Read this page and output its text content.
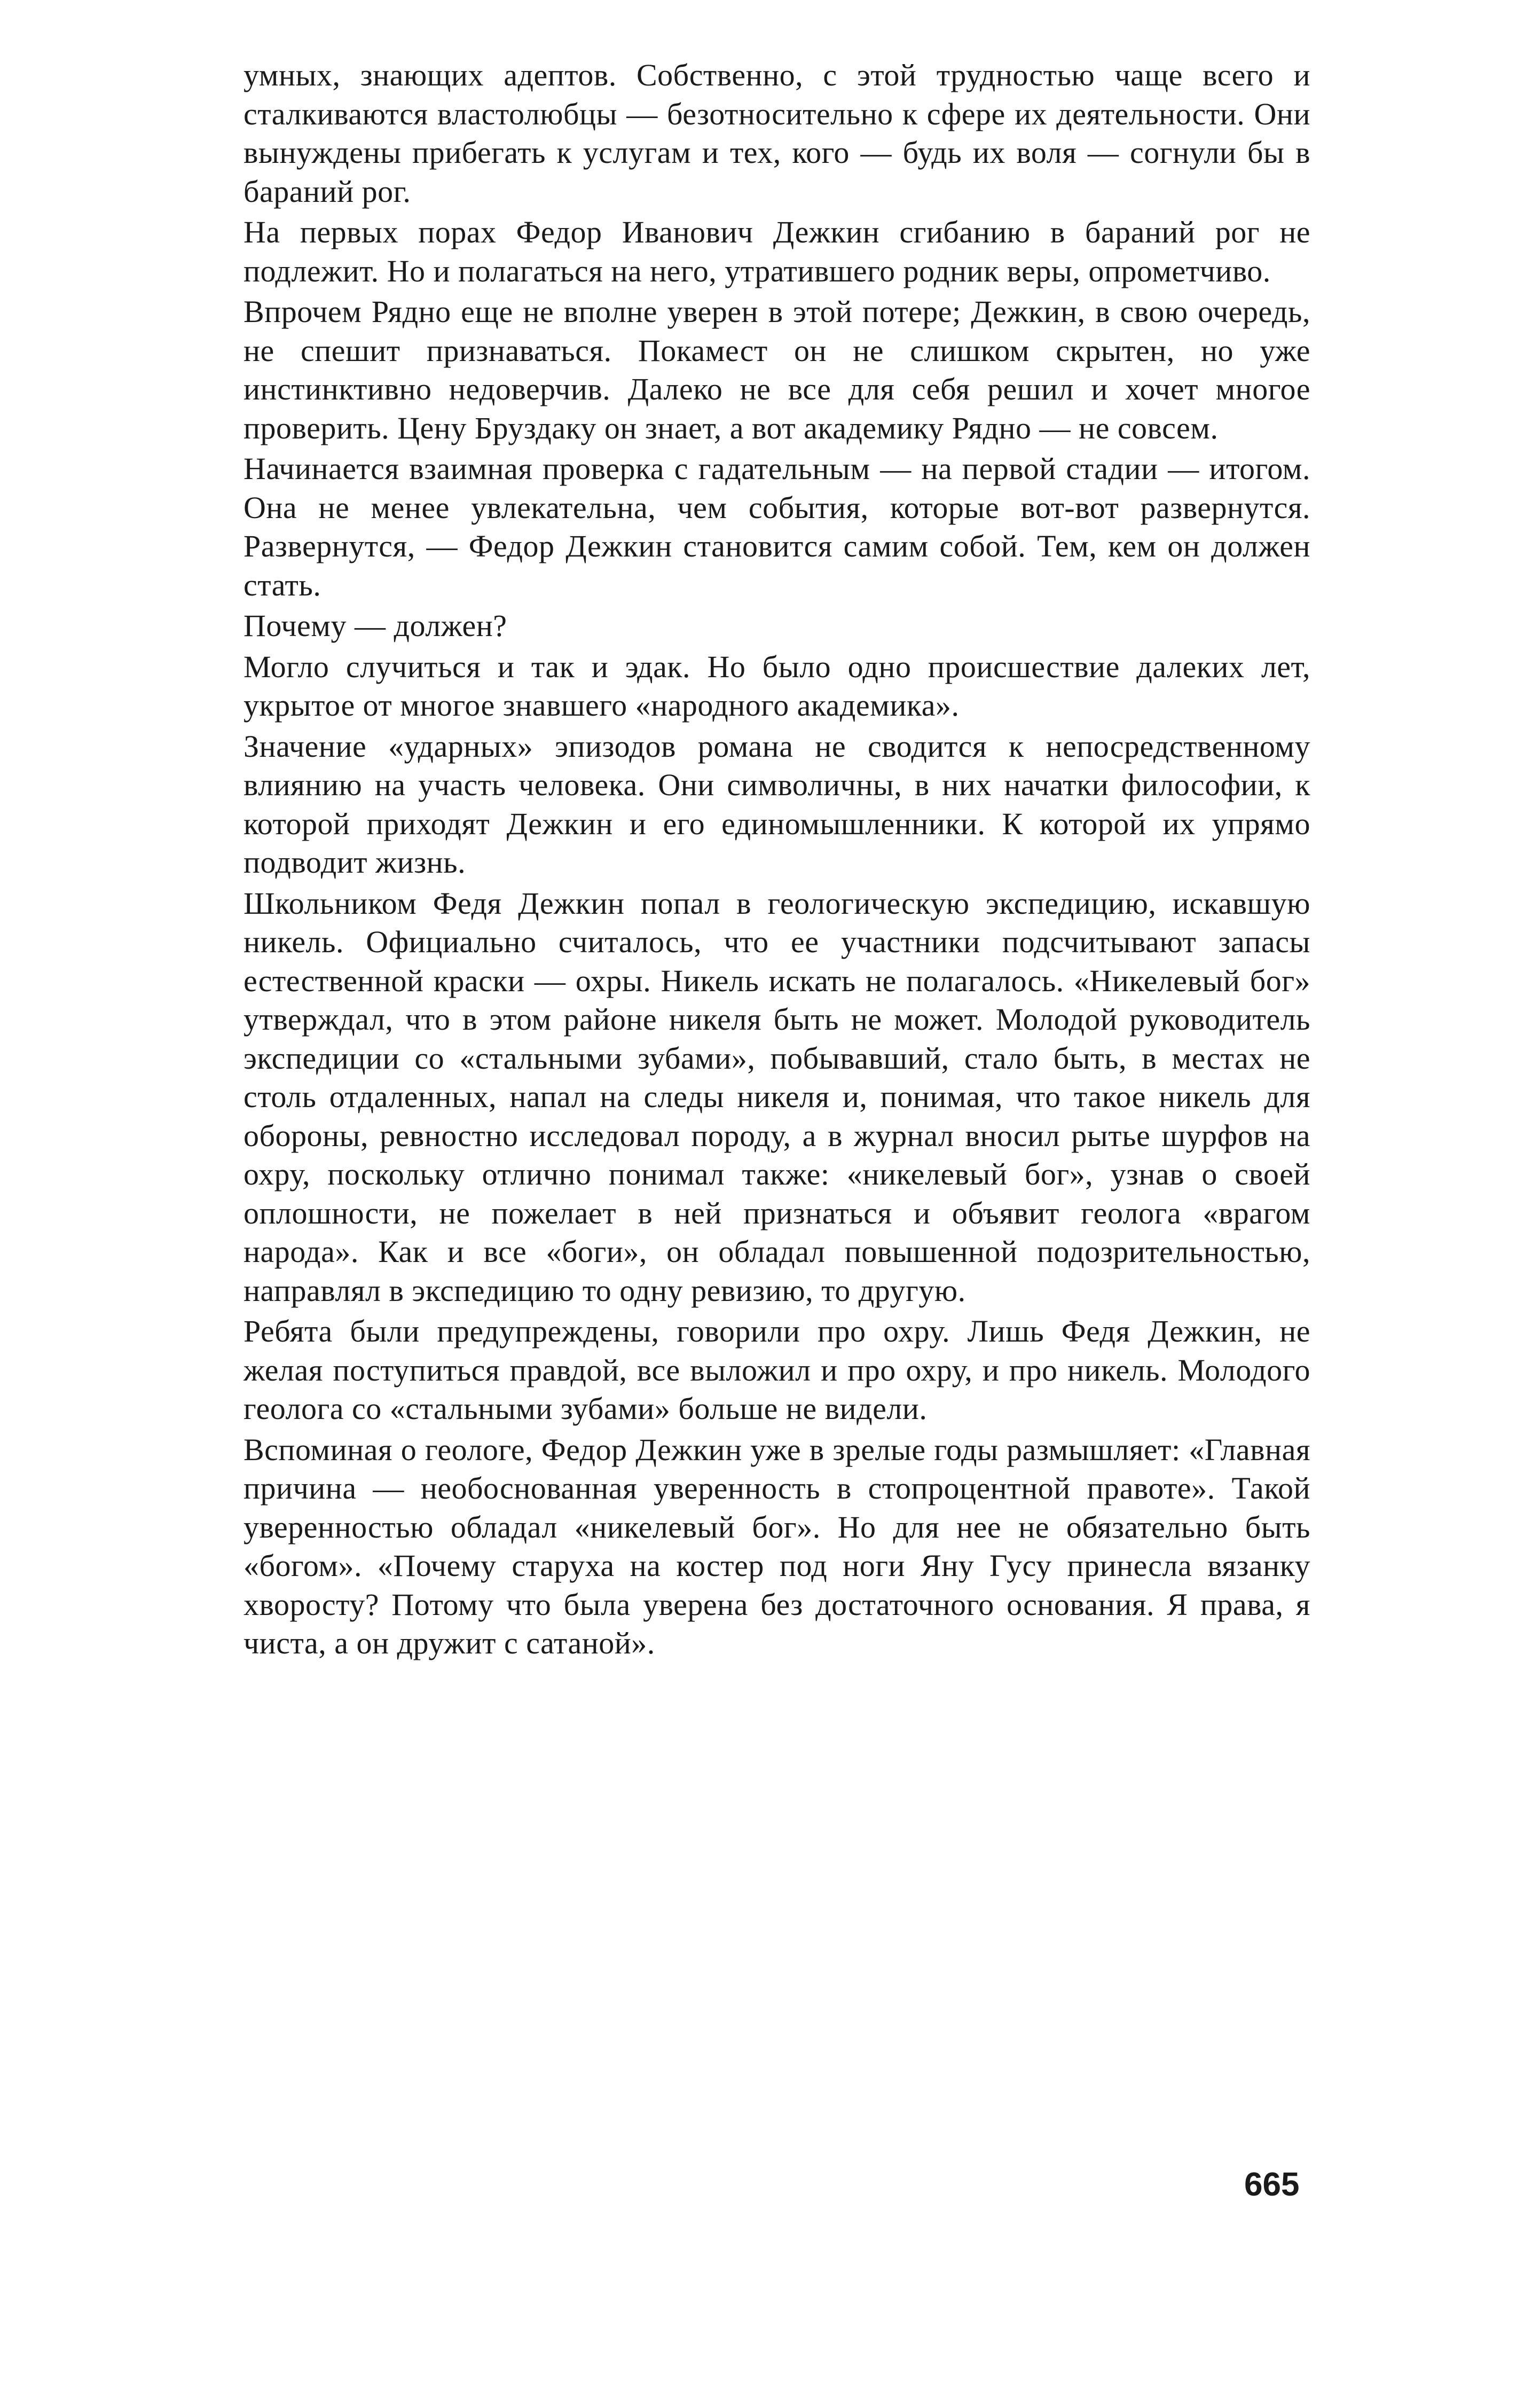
умных, знающих адептов. Собственно, с этой трудностью чаще всего и сталкиваются властолюбцы — безотносительно к сфере их деятельности. Они вынуждены прибегать к услугам и тех, кого — будь их воля — согнули бы в бараний рог.

На первых порах Федор Иванович Дежкин сгибанию в бараний рог не подлежит. Но и полагаться на него, утратившего родник веры, опрометчиво.

Впрочем Рядно еще не вполне уверен в этой потере; Дежкин, в свою очередь, не спешит признаваться. Покамест он не слишком скрытен, но уже инстинктивно недоверчив. Далеко не все для себя решил и хочет многое проверить. Цену Бруздаку он знает, а вот академику Рядно — не совсем.

Начинается взаимная проверка с гадательным — на первой стадии — итогом. Она не менее увлекательна, чем события, которые вот-вот развернутся. Развернутся, — Федор Дежкин становится самим собой. Тем, кем он должен стать.

Почему — должен?

Могло случиться и так и эдак. Но было одно происшествие далеких лет, укрытое от многое знавшего «народного академика».

Значение «ударных» эпизодов романа не сводится к непосредственному влиянию на участь человека. Они символичны, в них начатки философии, к которой приходят Дежкин и его единомышленники. К которой их упрямо подводит жизнь.

Школьником Федя Дежкин попал в геологическую экспедицию, искавшую никель. Официально считалось, что ее участники подсчитывают запасы естественной краски — охры. Никель искать не полагалось. «Никелевый бог» утверждал, что в этом районе никеля быть не может. Молодой руководитель экспедиции со «стальными зубами», побывавший, стало быть, в местах не столь отдаленных, напал на следы никеля и, понимая, что такое никель для обороны, ревностно исследовал породу, а в журнал вносил рытье шурфов на охру, поскольку отлично понимал также: «никелевый бог», узнав о своей оплошности, не пожелает в ней признаться и объявит геолога «врагом народа». Как и все «боги», он обладал повышенной подозрительностью, направлял в экспедицию то одну ревизию, то другую.

Ребята были предупреждены, говорили про охру. Лишь Федя Дежкин, не желая поступиться правдой, все выложил и про охру, и про никель. Молодого геолога со «стальными зубами» больше не видели.

Вспоминая о геологе, Федор Дежкин уже в зрелые годы размышляет: «Главная причина — необоснованная уверенность в стопроцентной правоте». Такой уверенностью обладал «никелевый бог». Но для нее не обязательно быть «богом». «Почему старуха на костер под ноги Яну Гусу принесла вязанку хворосту? Потому что была уверена без достаточного основания. Я права, я чиста, а он дружит с сатаной».

665
